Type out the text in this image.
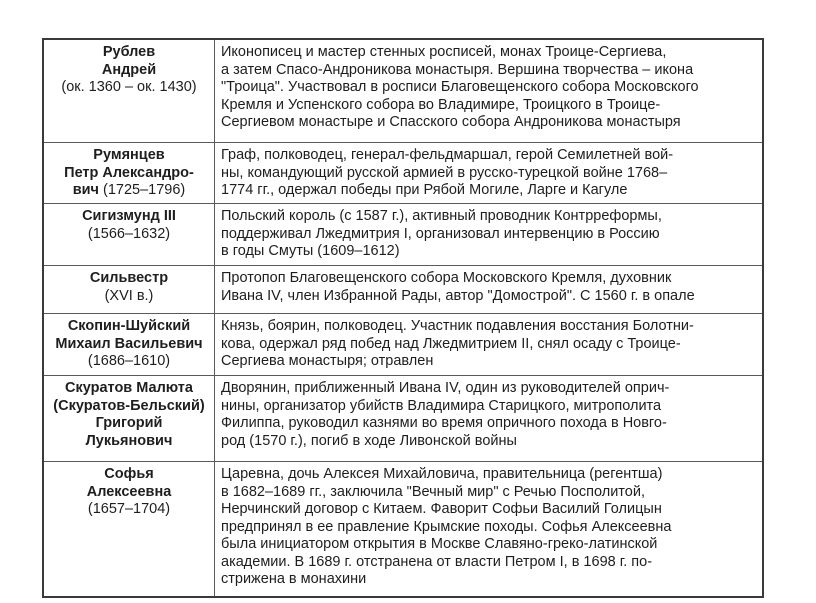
Рублев
Андрей
(ок. 1360 – ок. 1430)
Иконописец и мастер стенных росписей, монах Троице-Сергиева,
а затем Спасо-Андроникова монастыря. Вершина творчества – икона
"Троица". Участвовал в росписи Благовещенского собора Московского
Кремля и Успенского собора во Владимире, Троицкого в Троице-
Сергиевом монастыре и Спасского собора Андроникова монастыря
Румянцев
Петр Александро-
вич (1725–1796)
Граф, полководец, генерал-фельдмаршал, герой Семилетней вой-
ны, командующий русской армией в русско-турецкой войне 1768–
1774 гг., одержал победы при Рябой Могиле, Ларге и Кагуле
Сигизмунд III
(1566–1632)
Польский король (с 1587 г.), активный проводник Контрреформы,
поддерживал Лжедмитрия I, организовал интервенцию в Россию
в годы Смуты (1609–1612)
Сильвестр
(XVI в.)
Протопоп Благовещенского собора Московского Кремля, духовник
Ивана IV, член Избранной Рады, автор "Домострой". С 1560 г. в опале
Скопин-Шуйский
Михаил Васильевич
(1686–1610)
Князь, боярин, полководец. Участник подавления восстания Болотни-
кова, одержал ряд побед над Лжедмитрием II, снял осаду с Троице-
Сергиева монастыря; отравлен
Скуратов Малюта
(Скуратов-Бельский)
Григорий
Лукьянович
Дворянин, приближенный Ивана IV, один из руководителей оприч-
нины, организатор убийств Владимира Старицкого, митрополита
Филиппа, руководил казнями во время опричного похода в Новго-
род (1570 г.), погиб в ходе Ливонской войны
Софья
Алексеевна
(1657–1704)
Царевна, дочь Алексея Михайловича, правительница (регентша)
в 1682–1689 гг., заключила "Вечный мир" с Речью Посполитой,
Нерчинский договор с Китаем. Фаворит Софьи Василий Голицын
предпринял в ее правление Крымские походы. Софья Алексеевна
была инициатором открытия в Москве Славяно-греко-латинской
академии. В 1689 г. отстранена от власти Петром I, в 1698 г. по-
стрижена в монахини
